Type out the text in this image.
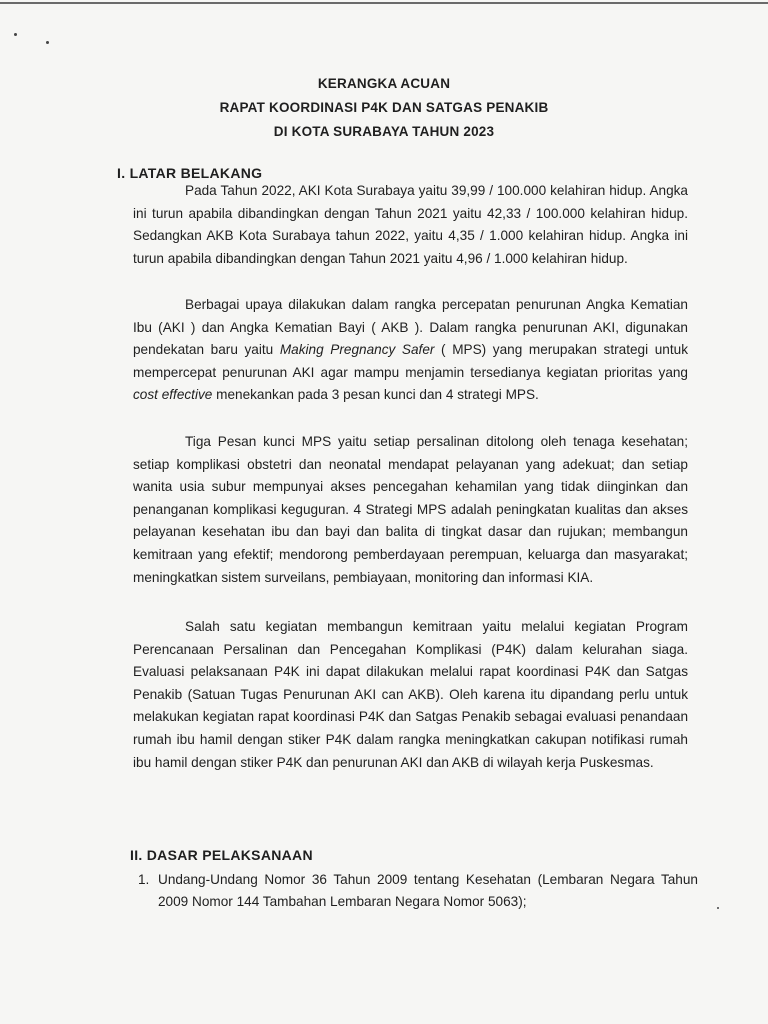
KERANGKA ACUAN
RAPAT KOORDINASI P4K DAN SATGAS PENAKIB
DI KOTA SURABAYA TAHUN 2023
I. LATAR BELAKANG
Pada Tahun 2022, AKI Kota Surabaya yaitu 39,99 / 100.000 kelahiran hidup. Angka ini turun apabila dibandingkan dengan Tahun 2021 yaitu 42,33 / 100.000 kelahiran hidup. Sedangkan AKB Kota Surabaya tahun 2022, yaitu 4,35 / 1.000 kelahiran hidup. Angka ini turun apabila dibandingkan dengan Tahun 2021 yaitu 4,96 / 1.000 kelahiran hidup.
Berbagai upaya dilakukan dalam rangka percepatan penurunan Angka Kematian Ibu (AKI ) dan Angka Kematian Bayi ( AKB ). Dalam rangka penurunan AKI, digunakan pendekatan baru yaitu Making Pregnancy Safer ( MPS) yang merupakan strategi untuk mempercepat penurunan AKI agar mampu menjamin tersedianya kegiatan prioritas yang cost effective menekankan pada 3 pesan kunci dan 4 strategi MPS.
Tiga Pesan kunci MPS yaitu setiap persalinan ditolong oleh tenaga kesehatan; setiap komplikasi obstetri dan neonatal mendapat pelayanan yang adekuat; dan setiap wanita usia subur mempunyai akses pencegahan kehamilan yang tidak diinginkan dan penanganan komplikasi keguguran. 4 Strategi MPS adalah peningkatan kualitas dan akses pelayanan kesehatan ibu dan bayi dan balita di tingkat dasar dan rujukan; membangun kemitraan yang efektif; mendorong pemberdayaan perempuan, keluarga dan masyarakat; meningkatkan sistem surveilans, pembiayaan, monitoring dan informasi KIA.
Salah satu kegiatan membangun kemitraan yaitu melalui kegiatan Program Perencanaan Persalinan dan Pencegahan Komplikasi (P4K) dalam kelurahan siaga. Evaluasi pelaksanaan P4K ini dapat dilakukan melalui rapat koordinasi P4K dan Satgas Penakib (Satuan Tugas Penurunan AKI can AKB). Oleh karena itu dipandang perlu untuk melakukan kegiatan rapat koordinasi P4K dan Satgas Penakib sebagai evaluasi penandaan rumah ibu hamil dengan stiker P4K dalam rangka meningkatkan cakupan notifikasi rumah ibu hamil dengan stiker P4K dan penurunan AKI dan AKB di wilayah kerja Puskesmas.
II. DASAR PELAKSANAAN
1. Undang-Undang Nomor 36 Tahun 2009 tentang Kesehatan (Lembaran Negara Tahun 2009 Nomor 144 Tambahan Lembaran Negara Nomor 5063);
